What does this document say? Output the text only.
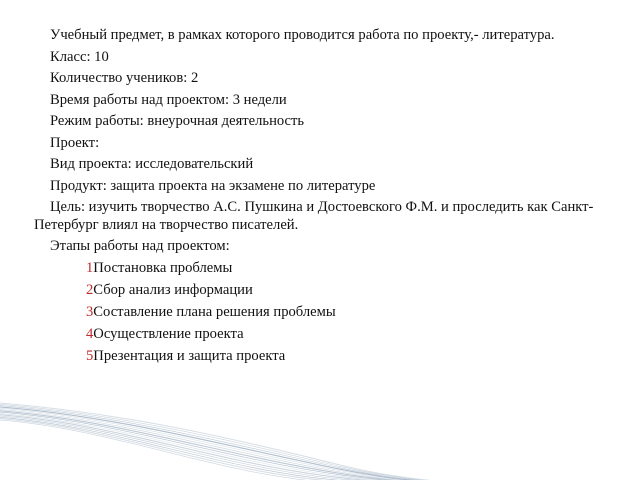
Учебный предмет, в рамках которого проводится работа по проекту,- литература.

Класс: 10

Количество учеников: 2

Время работы над проектом: 3 недели

Режим работы: внеурочная деятельность

Проект:

Вид проекта: исследовательский

Продукт: защита проекта на экзамене по литературе

Цель: изучить творчество А.С. Пушкина и Достоевского Ф.М. и проследить как Санкт-Петербург влиял на творчество писателей.

Этапы работы над проектом:

1Постановка проблемы
2Сбор анализ информации
3Составление плана решения проблемы
4Осуществление проекта
5Презентация и защита проекта
